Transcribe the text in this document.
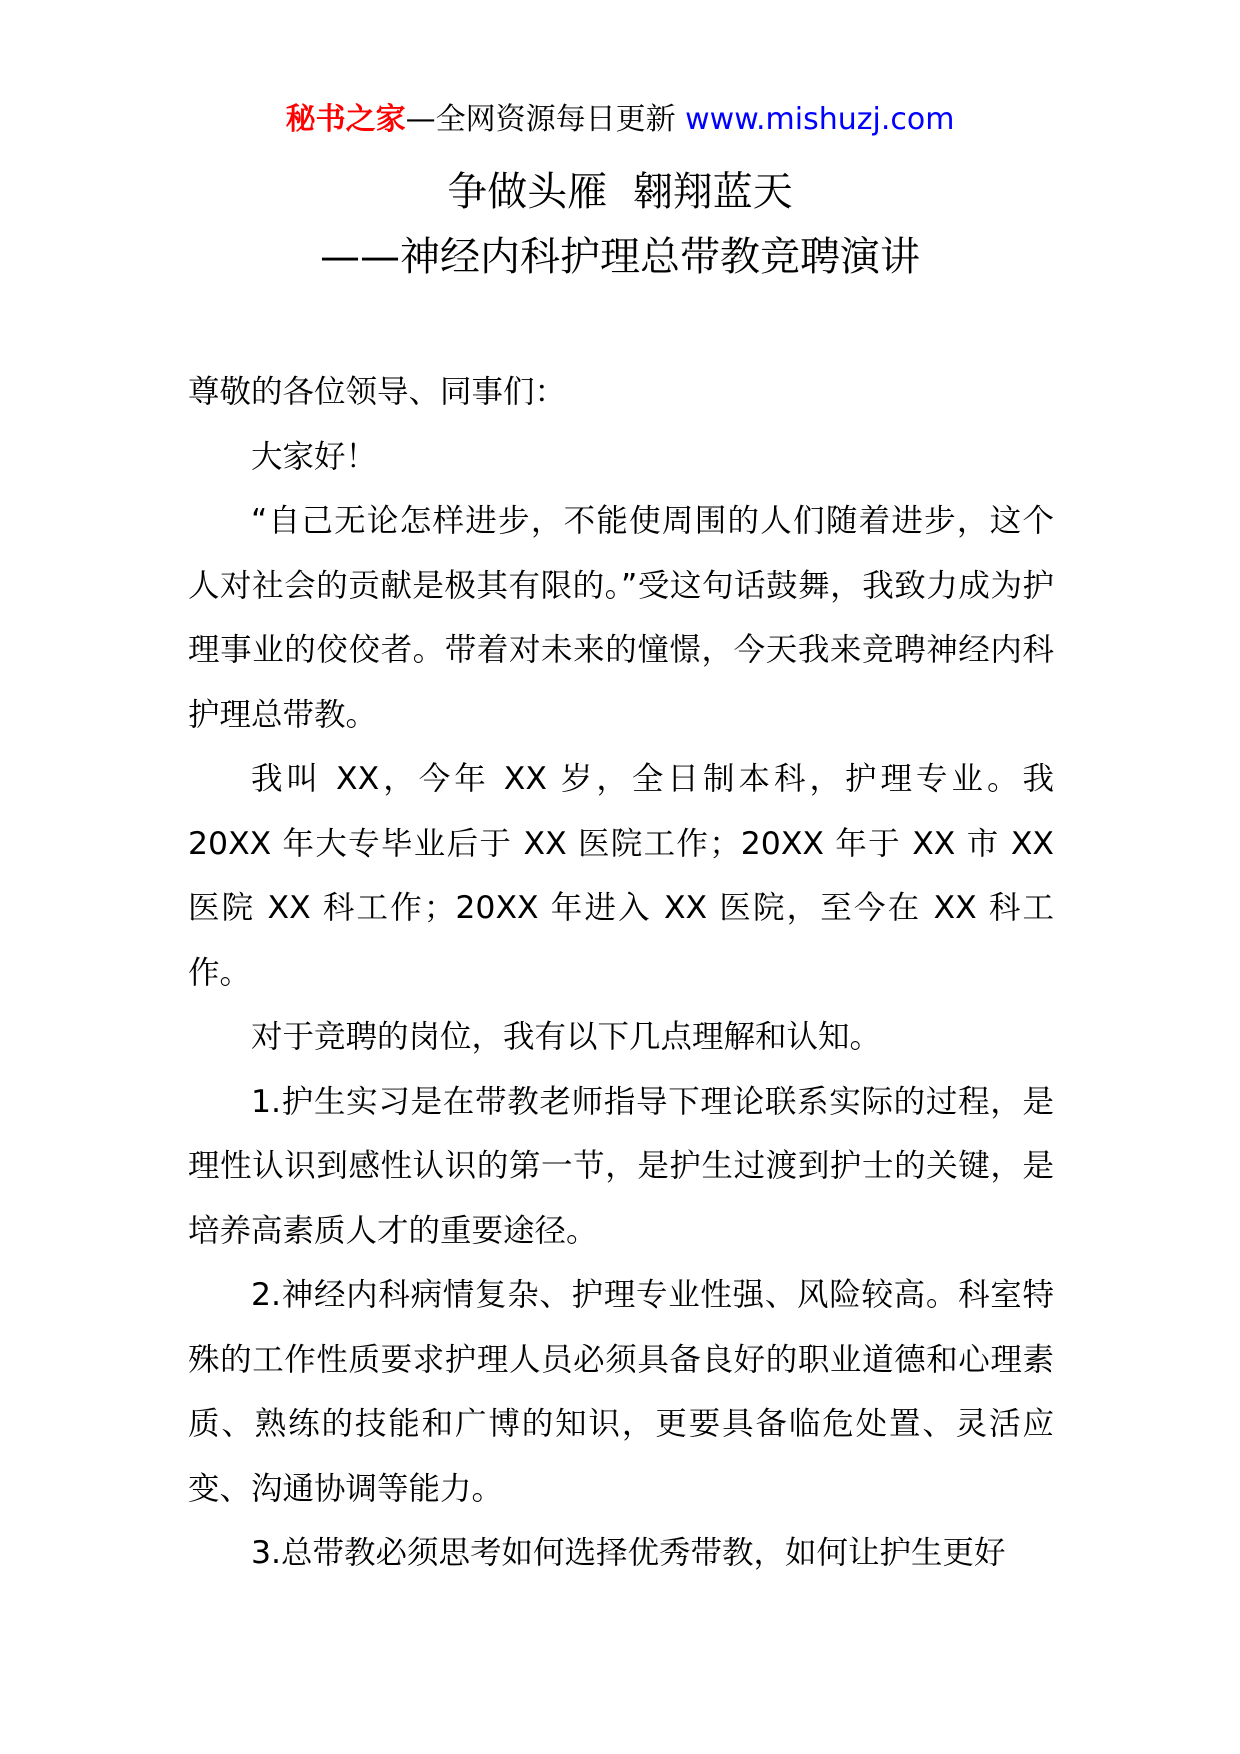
秘书之家—全网资源每日更新 www.mishuzj.com
争做头雁  翱翔蓝天
——神经内科护理总带教竞聘演讲

尊敬的各位领导、同事们：

大家好！

“自己无论怎样进步，不能使周围的人们随着进步，这个人对社会的贡献是极其有限的。”受这句话鼓舞，我致力成为护理事业的佼佼者。带着对未来的憧憬，今天我来竞聘神经内科护理总带教。

我叫 XX，今年 XX 岁，全日制本科，护理专业。我 20XX 年大专毕业后于 XX 医院工作；20XX 年于 XX 市 XX 医院 XX 科工作；20XX 年进入 XX 医院，至今在 XX 科工作。

对于竞聘的岗位，我有以下几点理解和认知。

1.护生实习是在带教老师指导下理论联系实际的过程，是理性认识到感性认识的第一节，是护生过渡到护士的关键，是培养高素质人才的重要途径。

2.神经内科病情复杂、护理专业性强、风险较高。科室特殊的工作性质要求护理人员必须具备良好的职业道德和心理素质、熟练的技能和广博的知识，更要具备临危处置、灵活应变、沟通协调等能力。

3.总带教必须思考如何选择优秀带教，如何让护生更好
